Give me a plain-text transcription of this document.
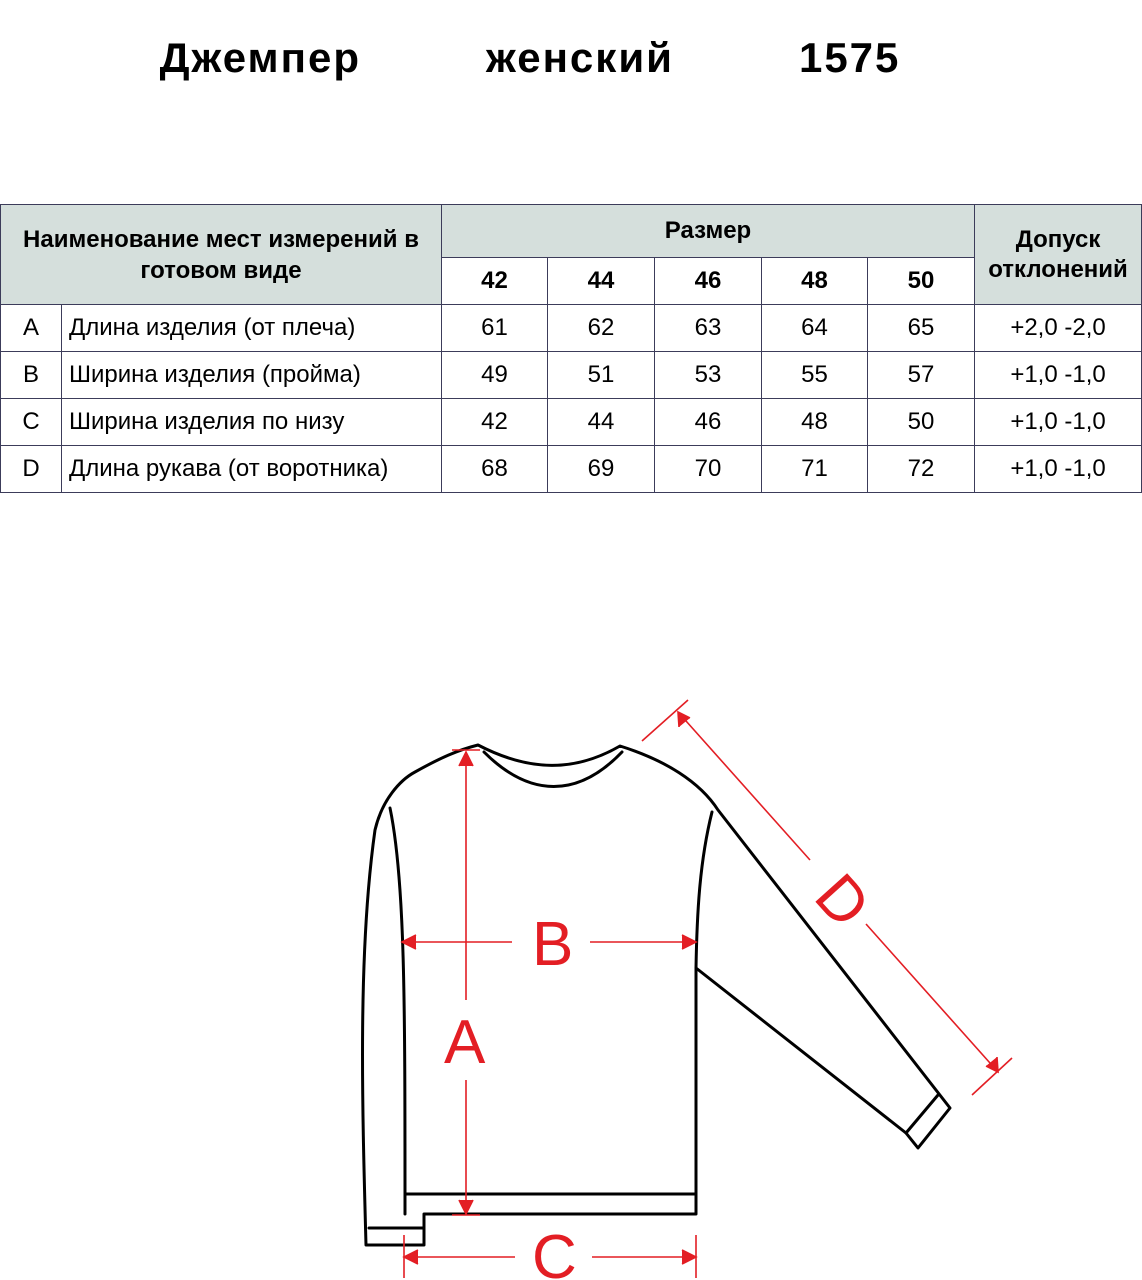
Джемпер   женский   1575
Наименование мест измерений в готовом виде		Размер					Допуск отклонений
		42	44	46	48	50	
A	Длина изделия (от плеча)	61	62	63	64	65	+2,0 -2,0
B	Ширина изделия (пройма)	49	51	53	55	57	+1,0 -1,0
C	Ширина изделия по низу	42	44	46	48	50	+1,0 -1,0
D	Длина рукава (от воротника)	68	69	70	71	72	+1,0 -1,0
A
B
C
D
